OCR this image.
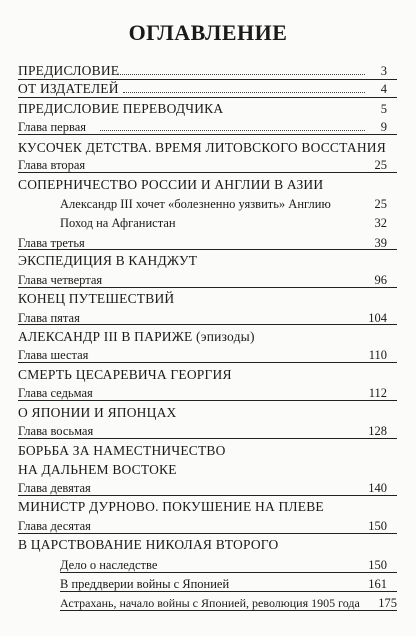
ОГЛАВЛЕНИЕ
ПРЕДИСЛОВИЕ	3
ОТ ИЗДАТЕЛЕЙ	4
ПРЕДИСЛОВИЕ ПЕРЕВОДЧИКА	5
Глава первая	9
КУСОЧЕК ДЕТСТВА. ВРЕМЯ ЛИТОВСКОГО ВОССТАНИЯ
Глава вторая	25
СОПЕРНИЧЕСТВО РОССИИ И АНГЛИИ В АЗИИ
Александр III хочет «болезненно уязвить» Англию	25
Поход на Афганистан	32
Глава третья	39
ЭКСПЕДИЦИЯ В КАНДЖУТ
Глава четвертая	96
КОНЕЦ ПУТЕШЕСТВИЙ
Глава пятая	104
АЛЕКСАНДР III В ПАРИЖЕ (эпизоды)
Глава шестая	110
СМЕРТЬ ЦЕСАРЕВИЧА ГЕОРГИЯ
Глава седьмая	112
О ЯПОНИИ И ЯПОНЦАХ
Глава восьмая	128
БОРЬБА ЗА НАМЕСТНИЧЕСТВО
НА ДАЛЬНЕМ ВОСТОКЕ
Глава девятая	140
МИНИСТР ДУРНОВО. ПОКУШЕНИЕ НА ПЛЕВЕ
Глава десятая	150
В ЦАРСТВОВАНИЕ НИКОЛАЯ ВТОРОГО
Дело о наследстве	150
В преддверии войны с Японией	161
Астрахань, начало войны с Японией, революция 1905 года 175
